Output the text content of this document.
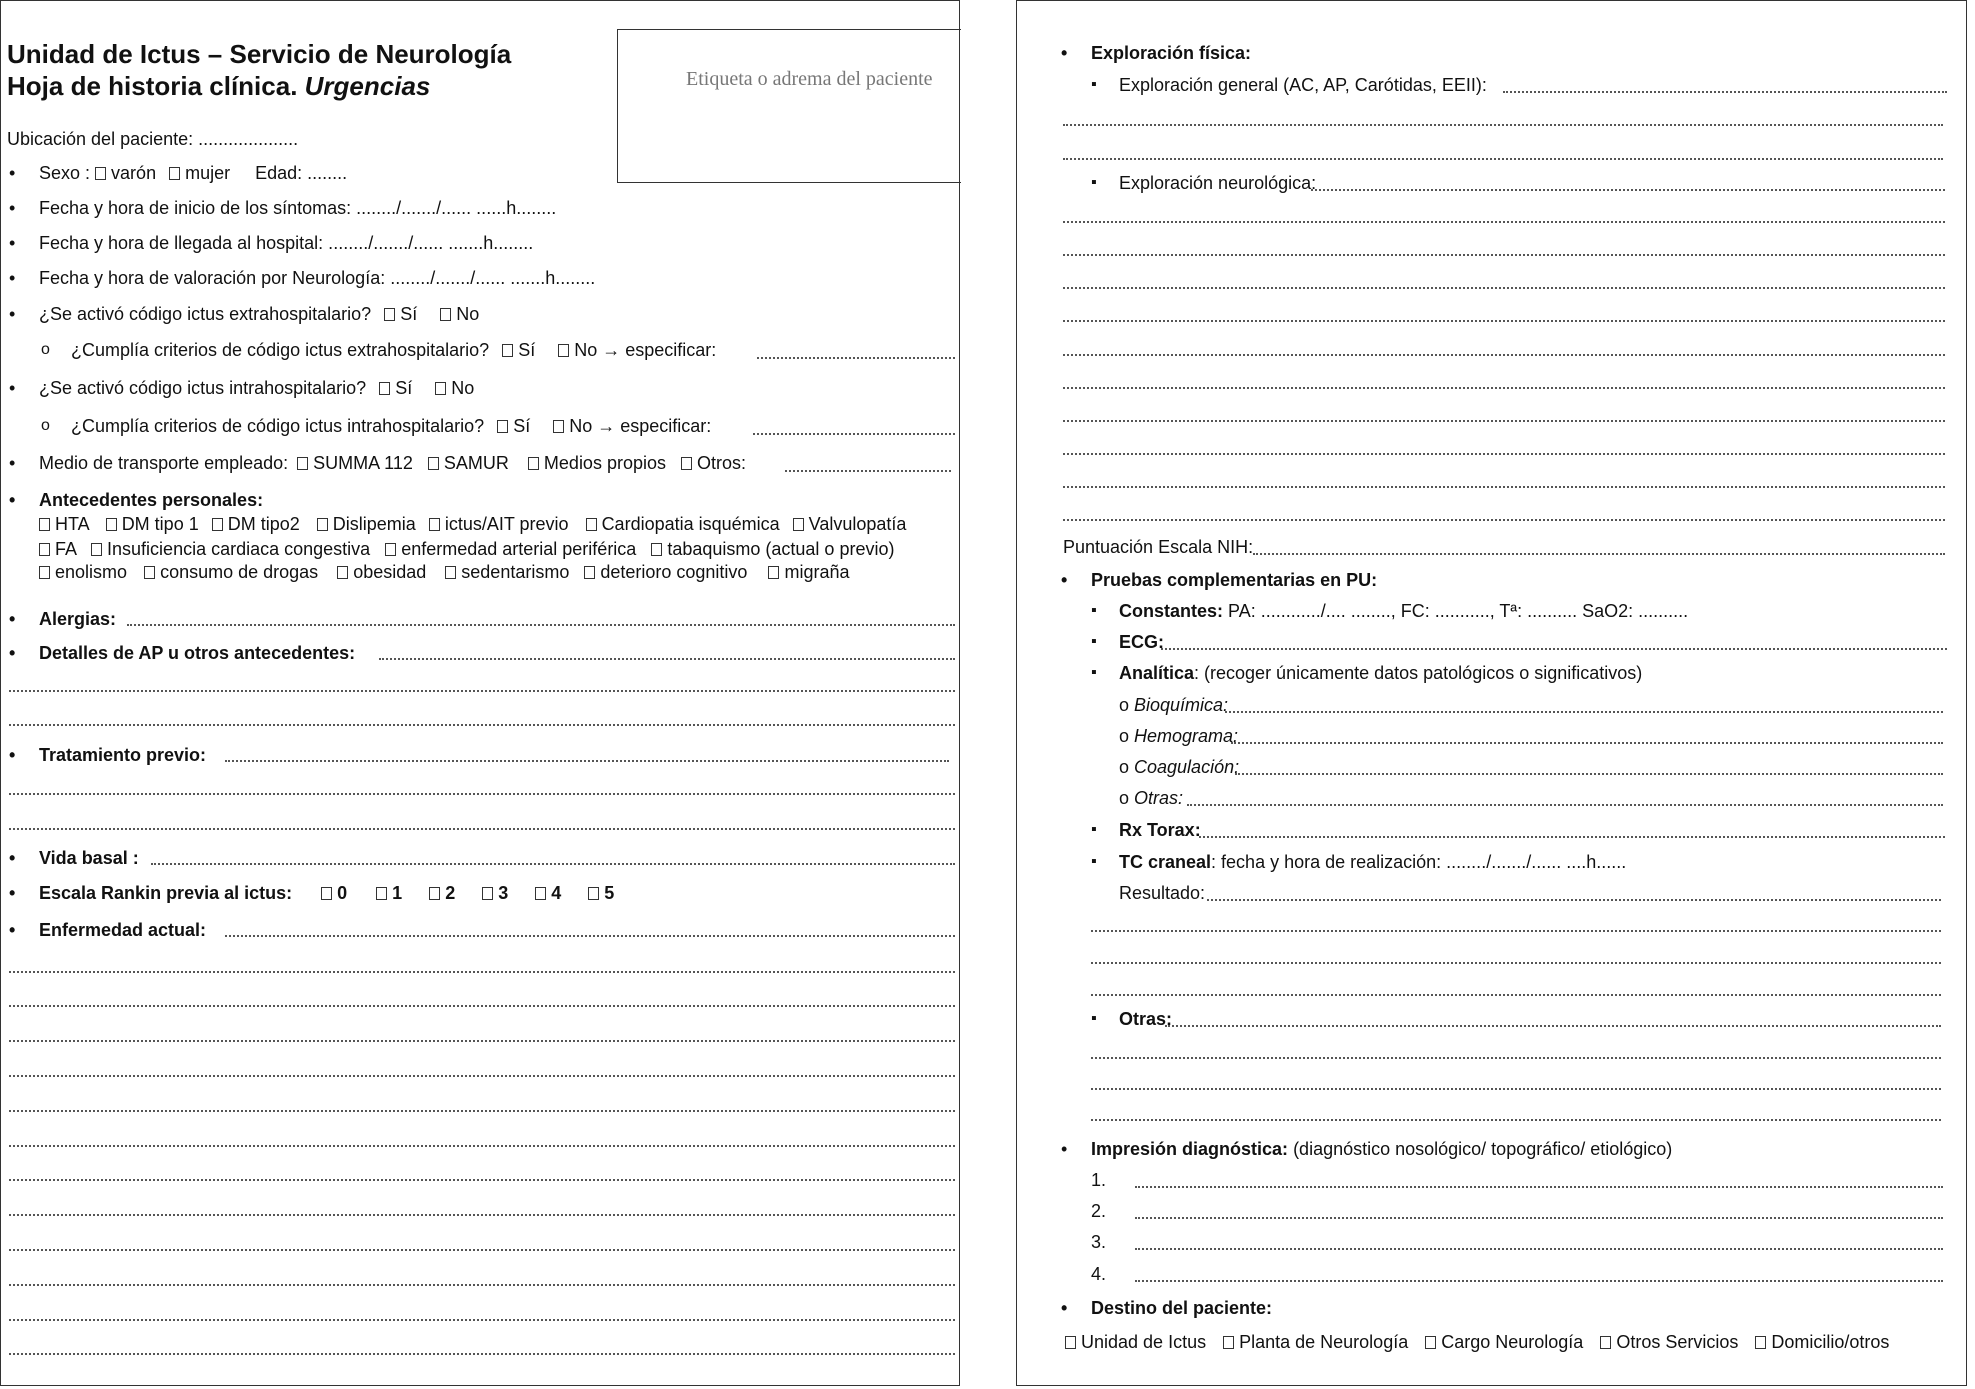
Unidad de Ictus – Servicio de Neurología
Hoja de historia clínica. Urgencias	Etiqueta o adrema del paciente
Ubicación del paciente: ....................
• Sexo : varón mujer Edad: ........
• Fecha y hora de inicio de los síntomas: ......../......./...... ......h........
• Fecha y hora de llegada al hospital: ......../......./...... .......h........
• Fecha y hora de valoración por Neurología: ......../......./...... .......h........
• ¿Se activó código ictus extrahospitalario? Sí No
o ¿Cumplía criterios de código ictus extrahospitalario? Sí No → especificar:
• ¿Se activó código ictus intrahospitalario? Sí No
o ¿Cumplía criterios de código ictus intrahospitalario? Sí No → especificar:
• Medio de transporte empleado: SUMMA 112 SAMUR Medios propios Otros:
• Antecedentes personales:
HTA DM tipo 1 DM tipo2 Dislipemia ictus/AIT previo Cardiopatia isquémica Valvulopatía
FA Insuficiencia cardiaca congestiva enfermedad arterial periférica tabaquismo (actual o previo)
enolismo consumo de drogas obesidad sedentarismo deterioro cognitivo migraña
• Alergias:
• Detalles de AP u otros antecedentes:
• Tratamiento previo:
• Vida basal :
• Escala Rankin previa al ictus:	0	1 2 3 4 5
• Enfermedad actual:
• Exploración física:
▪ Exploración general (AC, AP, Carótidas, EEII):
▪ Exploración neurológica:
Puntuación Escala NIH:
• Pruebas complementarias en PU:
▪ Constantes: PA: ............/.... ........, FC: ..........., Tª: .......... SaO2: ..........
▪ ECG:
▪ Analítica: (recoger únicamente datos patológicos o significativos)
o Bioquímica:
o Hemograma:
o Coagulación:
o Otras:
▪ Rx Torax:
▪ TC craneal: fecha y hora de realización: ......../......./...... ....h......
Resultado:
▪ Otras:
• Impresión diagnóstica: (diagnóstico nosológico/ topográfico/ etiológico)
1.
2.
3.
4.
• Destino del paciente:
Unidad de Ictus Planta de Neurología Cargo Neurología Otros Servicios Domicilio/otros
